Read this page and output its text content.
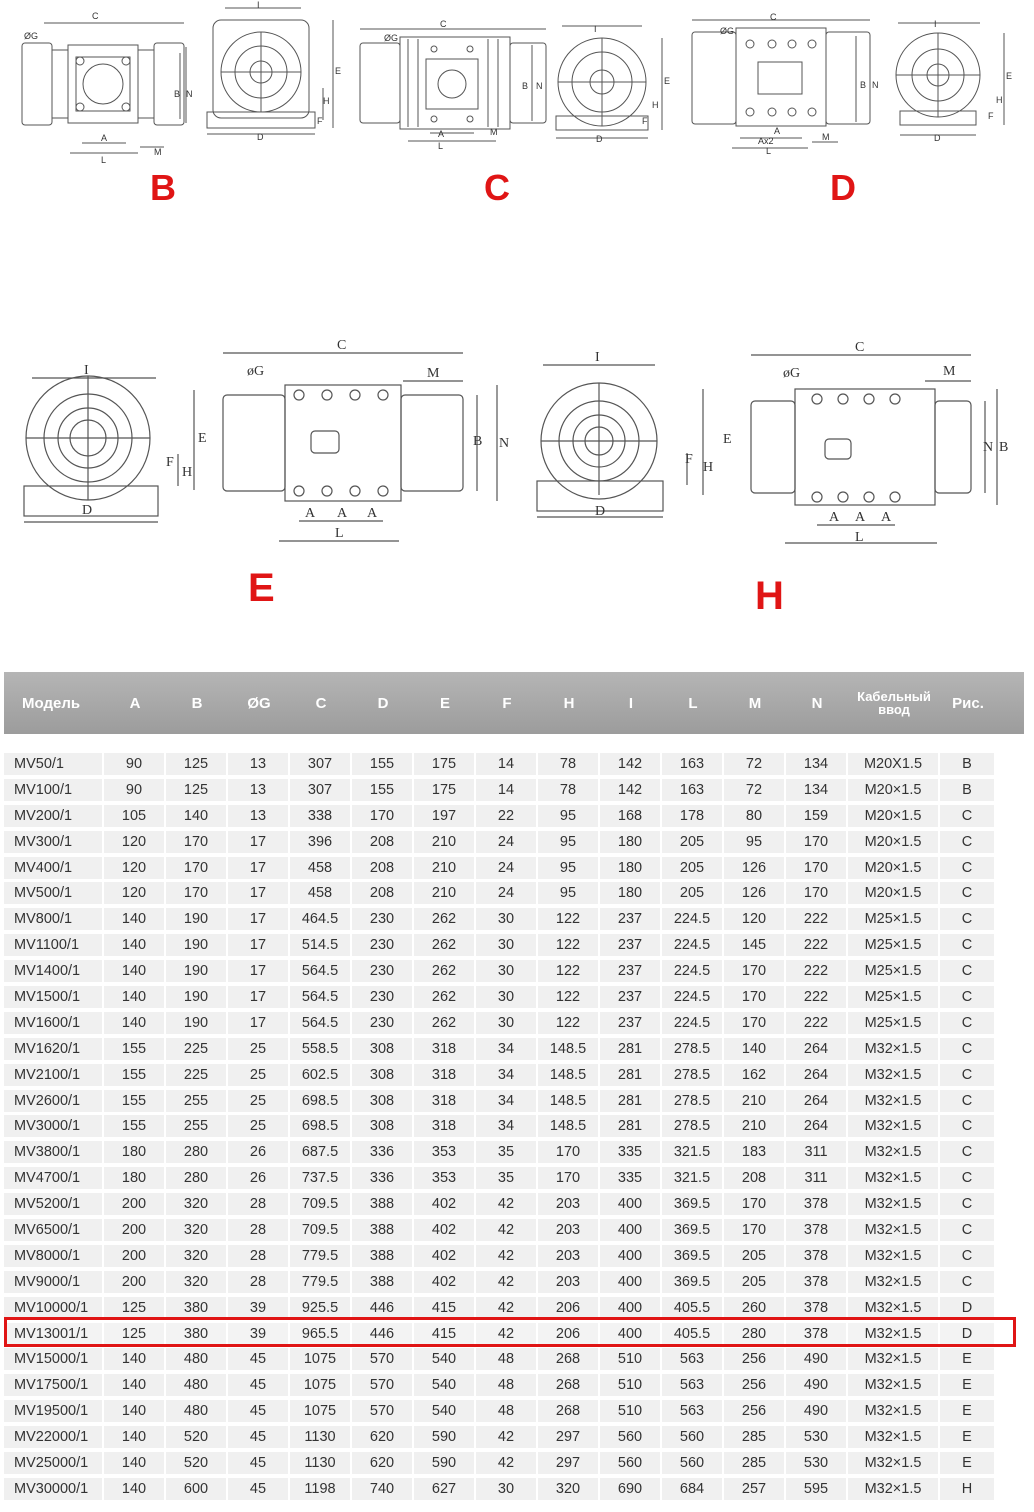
C
ØG
B N
A
L
M
I
E
H
F
D
B
C
ØG
B N
A
L
M
I
E
H
F
D
C
C
ØG
B N
A
Ax2
L
M
I
E
H
F
D
D
I
E
H
F
D
C
øG	M
B N
A A A
L
E
I
E
H
F
D
C
øG	M
N B
A A A
L
H
Модель	A	B	ØG	C	D	E	F	H	I	L	M	N	Кабельный ввод	Рис.
MV50/1	90	125	13	307	155	175	14	78	142	163	72	134	M20X1.5	B
MV100/1	90	125	13	307	155	175	14	78	142	163	72	134	M20×1.5	B
MV200/1	105	140	13	338	170	197	22	95	168	178	80	159	M20×1.5	C
MV300/1	120	170	17	396	208	210	24	95	180	205	95	170	M20×1.5	C
MV400/1	120	170	17	458	208	210	24	95	180	205	126	170	M20×1.5	C
MV500/1	120	170	17	458	208	210	24	95	180	205	126	170	M20×1.5	C
MV800/1	140	190	17	464.5	230	262	30	122	237	224.5	120	222	M25×1.5	C
MV1100/1	140	190	17	514.5	230	262	30	122	237	224.5	145	222	M25×1.5	C
MV1400/1	140	190	17	564.5	230	262	30	122	237	224.5	170	222	M25×1.5	C
MV1500/1	140	190	17	564.5	230	262	30	122	237	224.5	170	222	M25×1.5	C
MV1600/1	140	190	17	564.5	230	262	30	122	237	224.5	170	222	M25×1.5	C
MV1620/1	155	225	25	558.5	308	318	34	148.5	281	278.5	140	264	M32×1.5	C
MV2100/1	155	225	25	602.5	308	318	34	148.5	281	278.5	162	264	M32×1.5	C
MV2600/1	155	255	25	698.5	308	318	34	148.5	281	278.5	210	264	M32×1.5	C
MV3000/1	155	255	25	698.5	308	318	34	148.5	281	278.5	210	264	M32×1.5	C
MV3800/1	180	280	26	687.5	336	353	35	170	335	321.5	183	311	M32×1.5	C
MV4700/1	180	280	26	737.5	336	353	35	170	335	321.5	208	311	M32×1.5	C
MV5200/1	200	320	28	709.5	388	402	42	203	400	369.5	170	378	M32×1.5	C
MV6500/1	200	320	28	709.5	388	402	42	203	400	369.5	170	378	M32×1.5	C
MV8000/1	200	320	28	779.5	388	402	42	203	400	369.5	205	378	M32×1.5	C
MV9000/1	200	320	28	779.5	388	402	42	203	400	369.5	205	378	M32×1.5	C
MV10000/1	125	380	39	925.5	446	415	42	206	400	405.5	260	378	M32×1.5	D
MV13001/1	125	380	39	965.5	446	415	42	206	400	405.5	280	378	M32×1.5	D
MV15000/1	140	480	45	1075	570	540	48	268	510	563	256	490	M32×1.5	E
MV17500/1	140	480	45	1075	570	540	48	268	510	563	256	490	M32×1.5	E
MV19500/1	140	480	45	1075	570	540	48	268	510	563	256	490	M32×1.5	E
MV22000/1	140	520	45	1130	620	590	42	297	560	560	285	530	M32×1.5	E
MV25000/1	140	520	45	1130	620	590	42	297	560	560	285	530	M32×1.5	E
MV30000/1	140	600	45	1198	740	627	30	320	690	684	257	595	M32×1.5	H
